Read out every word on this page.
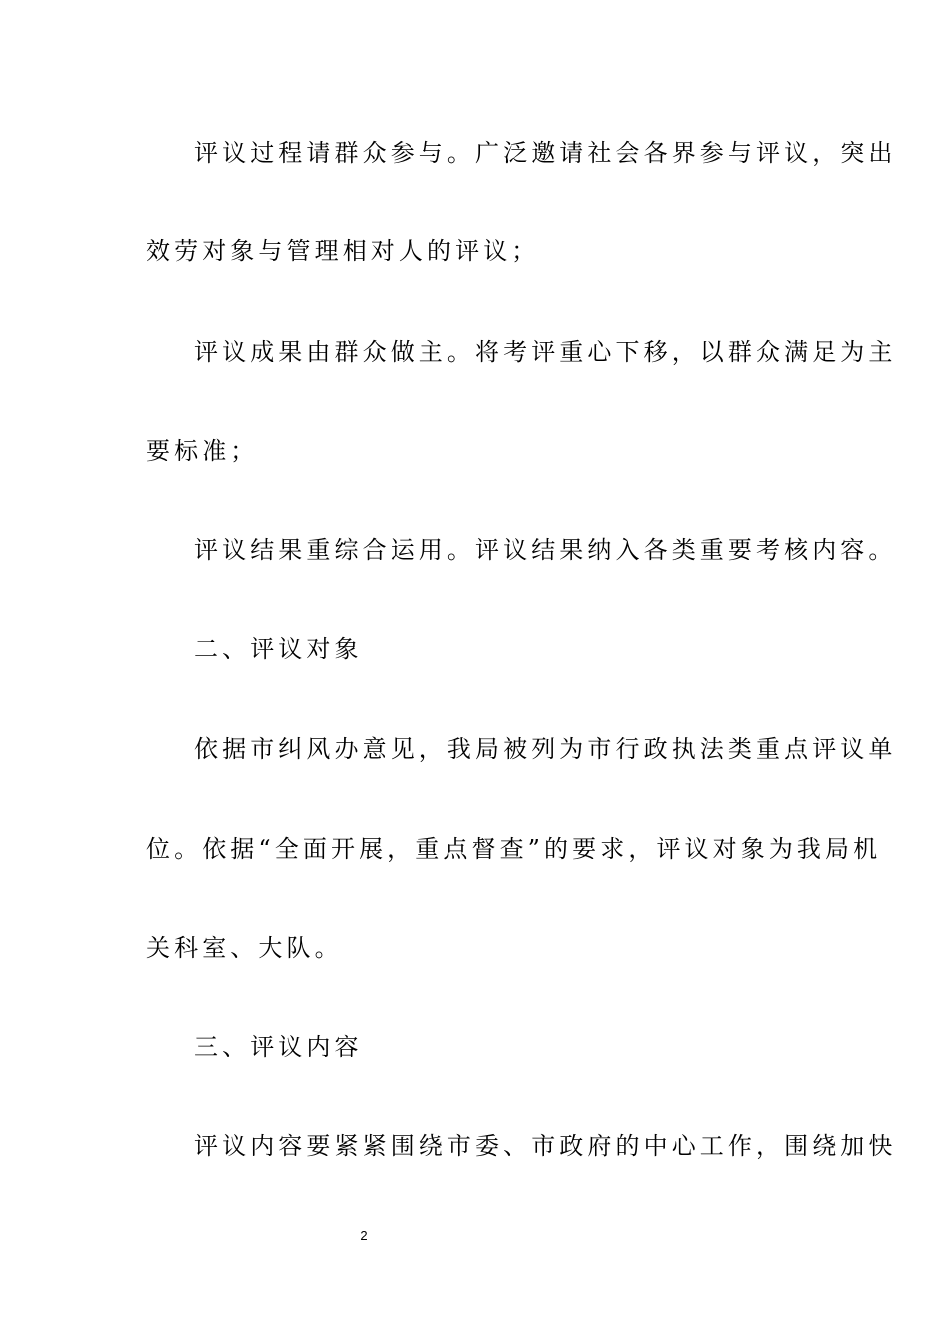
评议过程请群众参与。广泛邀请社会各界参与评议，突出
效劳对象与管理相对人的评议；
评议成果由群众做主。将考评重心下移，以群众满足为主
要标准；
评议结果重综合运用。评议结果纳入各类重要考核内容。
二、评议对象
依据市纠风办意见，我局被列为市行政执法类重点评议单
位。依据“全面开展，重点督查”的要求，评议对象为我局机
关科室、大队。
三、评议内容
评议内容要紧紧围绕市委、市政府的中心工作，围绕加快
2
